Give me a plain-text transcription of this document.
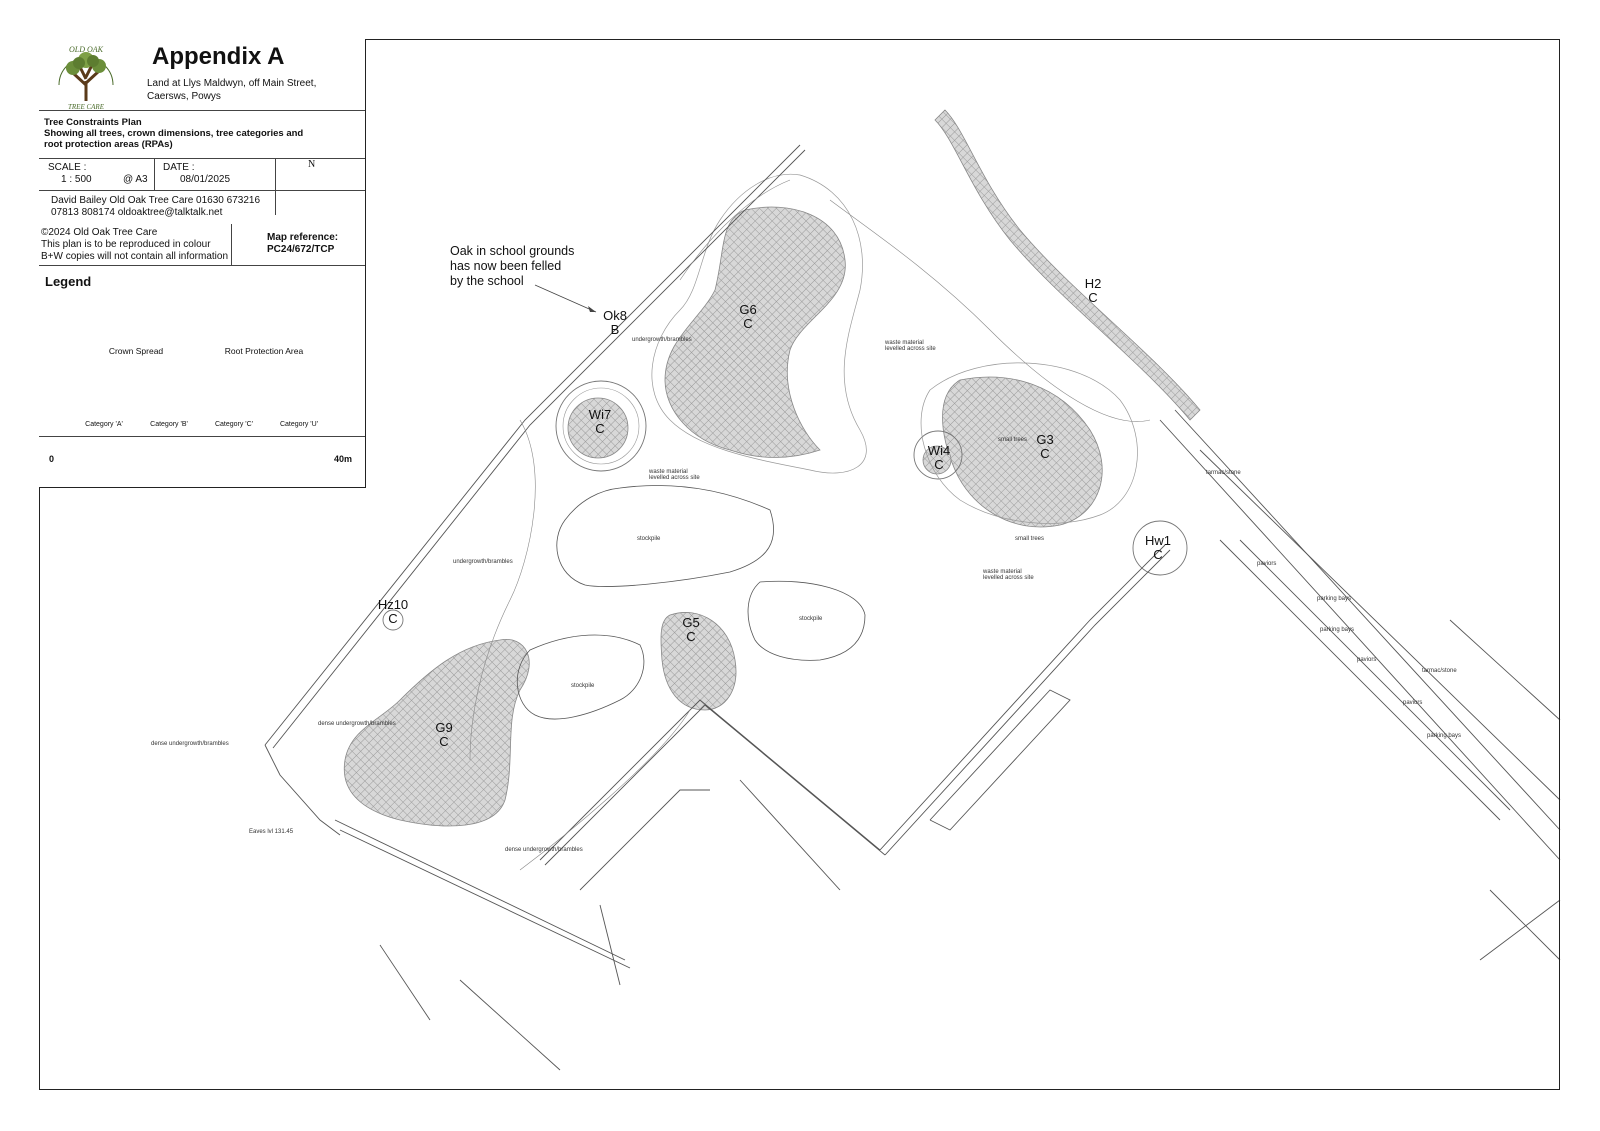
OLD OAK
TREE CARE
Appendix A
Land at Llys Maldwyn, off Main Street,
Caersws, Powys
Tree Constraints Plan
Showing all trees, crown dimensions, tree categories and
root protection areas (RPAs)
SCALE :
1 : 500	@ A3
DATE :
08/01/2025
N
David Bailey Old Oak Tree Care 01630 673216
07813 808174 oldoaktree@talktalk.net
©2024 Old Oak Tree Care
This plan is to be reproduced in colour
B+W copies will not contain all information
Map reference:
PC24/672/TCP
Legend
Crown Spread	Root Protection Area
Category 'A'	Category 'B'	Category 'C'	Category 'U'
0	40m
Oak in school grounds
has now been felled
by the school
Ok8
B
G6
C
H2
C
Wi7
C
Wi4
C
G3
C
Hw1
C
Hz10
C	G5
C
G9
C
undergrowth/brambles
undergrowth/brambles
dense undergrowth/brambles
dense undergrowth/brambles
dense undergrowth/brambles
waste material
levelled across site
waste material
levelled across site
waste material
levelled across site
stockpile
stockpile
stockpile
paviors
paviors
paviors
parking bays
parking bays
parking bays
tarmac/stone
tarmac/stone
small trees
small trees
Eaves lvl 131.45
